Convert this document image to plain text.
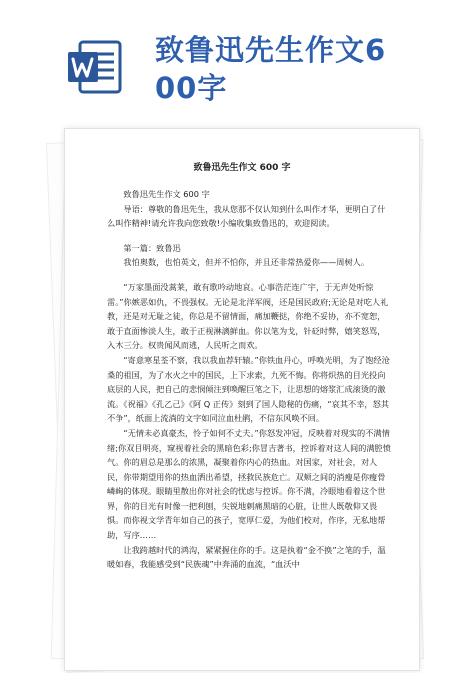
致鲁迅先生作文6
00字
致鲁迅先生作文 600 字

致鲁迅先生作文 600 字

导语：尊敬的鲁迅先生，我从您那不仅认知到什么叫作才华，更明白了什么叫作精神!请允许我向您致敬!小编收集致鲁迅的，欢迎阅读。

第一篇：致鲁迅

我怕奥数，也怕英文，但并不怕你，并且还非常热爱你——周树人。

“万家墨面没蒿莱，敢有歌吟动地哀。心事浩茫连广宇，于无声处听惊雷。”你嫉恶如仇，不畏强权。无论是北洋军阀，还是国民政府;无论是对吃人礼教，还是对无耻之徒，你总是不留情面，痛加鞭挞，你绝不妥协，亦不宽恕，敢于直面惨淡人生，敢于正视淋漓鲜血。你以笔为戈，针砭时弊，嬉笑怒骂，入木三分。权贵闻风而逃，人民听之而欢。

“寄意寒星荃不察，我以我血荐轩辕。”你铁血丹心，呼唤光明，为了饱经沧桑的祖国，为了水火之中的国民，上下求索，九死不悔。你将炽热的目光投向底层的人民，把自己的悲悯倾注到唤醒巨笔之下，让思想的熔浆汇成滚烫的激流。《祝福》《孔乙己》《阿 Q 正传》刻到了国人隐秘的伤痛，“哀其不幸，怒其不争”，纸面上流淌的文字如同泣血杜鹃，不信东风唤不回。

“无情未必真豪杰，怜子如何不丈夫。”你怒发冲冠，反映着对现实的不满情绪;你双目明亮，窥视着社会的黑暗色彩;你冒吉著书，控诉着对这人间的满腔愤气。你的眉总是那么的浓黑，凝聚着你内心的热血。对国家，对社会，对人民，你带期望用你的热血洒出希望，拯救民族危亡。双颊之间的消瘦是你瘦骨嶙峋的体现。眼睛里散出你对社会的忧虑与控诉。你不满，冷眼地看着这个世界，你的目光有时像一把利刨，尖锐地刺痛黑暗的心脏，让世人既敬仰又畏惧。而你视文学青年如自己的孩子，宽厚仁爱，为他们校对，作序，无私地帮助，写序……

让我跨越时代的鸿沟，紧紧握住你的手。这是执着“金不换”之笔的手，温暖如春，我能感受到“民族魂”中奔涌的血流，“血沃中
